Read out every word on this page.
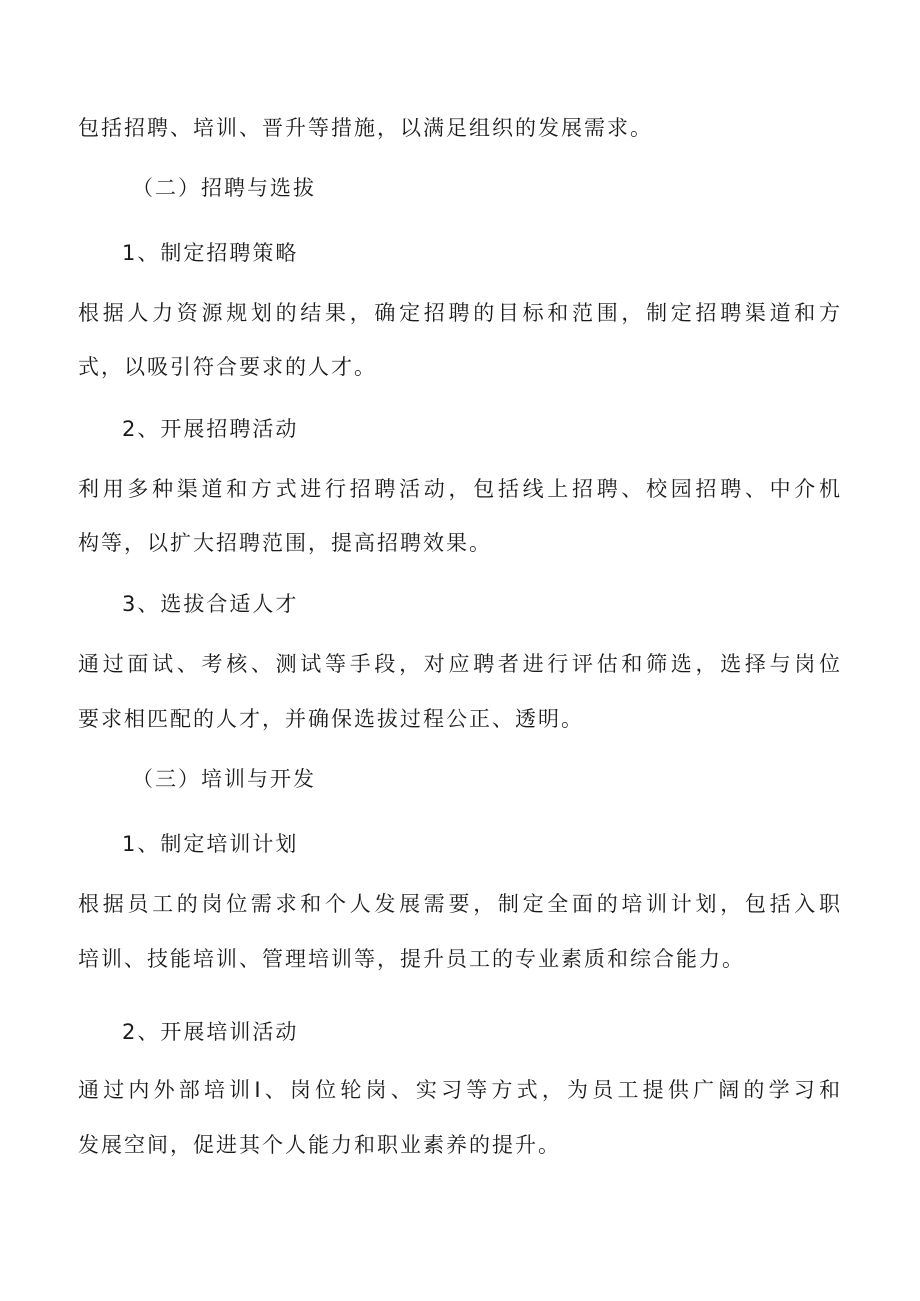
包括招聘、培训、晋升等措施，以满足组织的发展需求。

（二）招聘与选拔

1、制定招聘策略

根据人力资源规划的结果，确定招聘的目标和范围，制定招聘渠道和方

式，以吸引符合要求的人才。

2、开展招聘活动

利用多种渠道和方式进行招聘活动，包括线上招聘、校园招聘、中介机

构等，以扩大招聘范围，提高招聘效果。

3、选拔合适人才

通过面试、考核、测试等手段，对应聘者进行评估和筛选，选择与岗位

要求相匹配的人才，并确保选拔过程公正、透明。

（三）培训与开发

1、制定培训计划

根据员工的岗位需求和个人发展需要，制定全面的培训计划，包括入职

培训、技能培训、管理培训等，提升员工的专业素质和综合能力。

2、开展培训活动

通过内外部培训I、岗位轮岗、实习等方式，为员工提供广阔的学习和

发展空间，促进其个人能力和职业素养的提升。
